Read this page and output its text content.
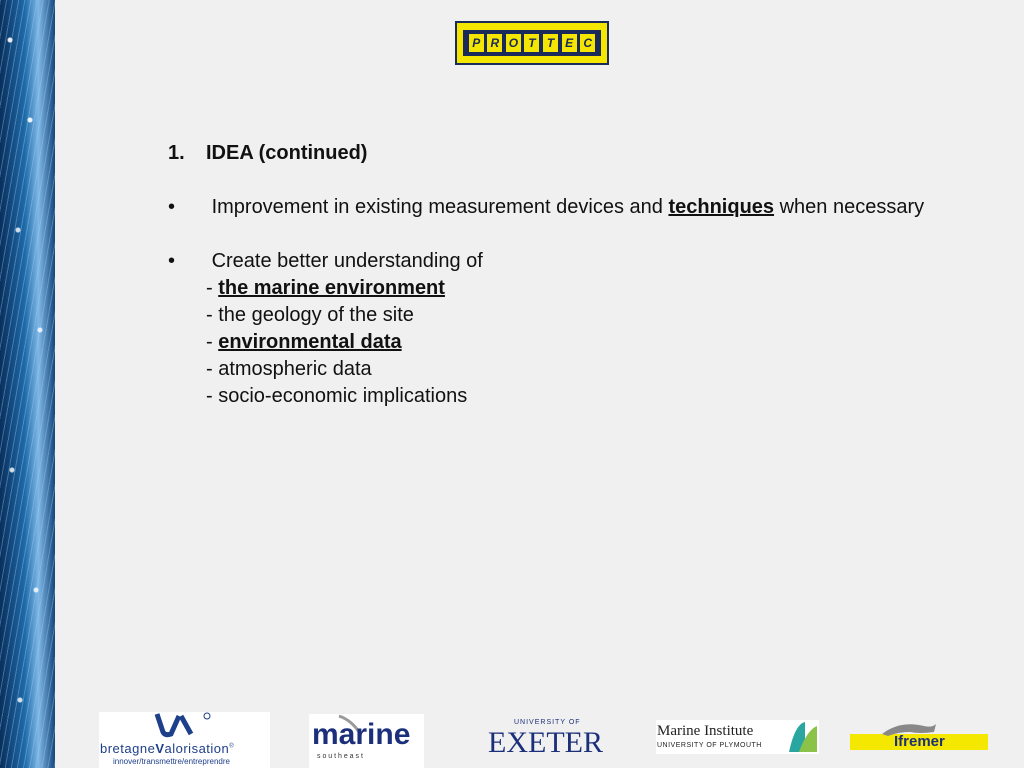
P R O T T E C
1.	IDEA (continued)
•	Improvement in existing measurement devices and techniques when necessary
•	Create better understanding of
- the marine environment
- the geology of the site
- environmental data
- atmospheric data
- socio-economic implications
bretagneValorisation®
innover/transmettre/entreprendre
marine
s o u t h e a s t
UNIVERSITY OF
EXETER	Marine Institute
UNIVERSITY OF PLYMOUTH	Ifremer
